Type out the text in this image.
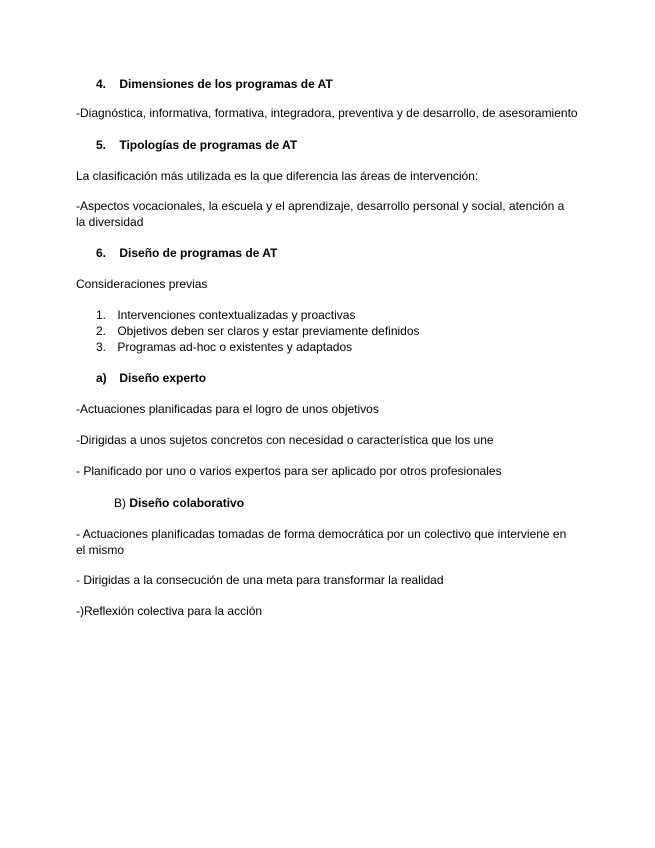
4. Dimensiones de los programas de AT
-Diagnóstica, informativa, formativa, integradora, preventiva y de desarrollo, de asesoramiento
5. Tipologías de programas de AT
La clasificación más utilizada es la que diferencia las áreas de intervención:
-Aspectos vocacionales, la escuela y el aprendizaje, desarrollo personal y social, atención a la diversidad
6. Diseño de programas de AT
Consideraciones previas
1. Intervenciones contextualizadas y proactivas
2. Objetivos deben ser claros y estar previamente definidos
3. Programas ad-hoc o existentes y adaptados
a) Diseño experto
-Actuaciones planificadas para el logro de unos objetivos
-Dirigidas a unos sujetos concretos con necesidad o característica que los une
- Planificado por uno o varios expertos para ser aplicado por otros profesionales
B) Diseño colaborativo
- Actuaciones planificadas tomadas de forma democrática por un colectivo que interviene en el mismo
- Dirigidas a la consecución de una meta para transformar la realidad
-)Reflexión colectiva para la acción
